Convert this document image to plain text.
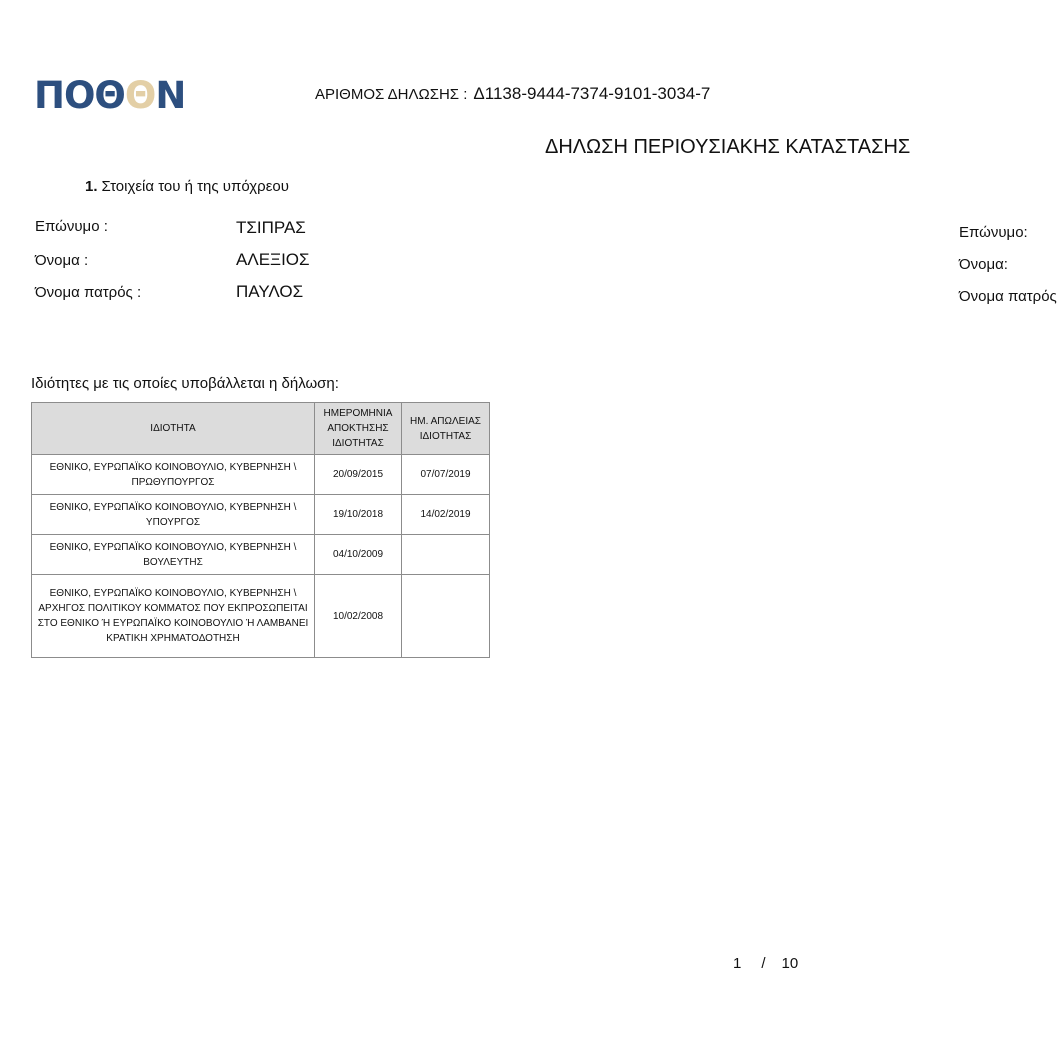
ΠΟΘΘΝ	ΑΡΙΘΜΟΣ ΔΗΛΩΣΗΣ : Δ1138-9444-7374-9101-3034-7
ΔΗΛΩΣΗ ΠΕΡΙΟΥΣΙΑΚΗΣ ΚΑΤΑΣΤΑΣΗΣ
1. Στοιχεία του ή της υπόχρεου
Επώνυμο :	ΤΣΙΠΡΑΣ
Όνομα :	ΑΛΕΞΙΟΣ
Όνομα πατρός :	ΠΑΥΛΟΣ
Επώνυμο:
Όνομα:
Όνομα πατρός
Ιδιότητες με τις οποίες υποβάλλεται η δήλωση:
ΙΔΙΟΤΗΤΑ	ΗΜΕΡΟΜΗΝΙΑ ΑΠΟΚΤΗΣΗΣ ΙΔΙΟΤΗΤΑΣ	ΗΜ. ΑΠΩΛΕΙΑΣ ΙΔΙΟΤΗΤΑΣ
ΕΘΝΙΚΟ, ΕΥΡΩΠΑΪΚΟ ΚΟΙΝΟΒΟΥΛΙΟ, ΚΥΒΕΡΝΗΣΗ \ ΠΡΩΘΥΠΟΥΡΓΟΣ	20/09/2015	07/07/2019
ΕΘΝΙΚΟ, ΕΥΡΩΠΑΪΚΟ ΚΟΙΝΟΒΟΥΛΙΟ, ΚΥΒΕΡΝΗΣΗ \ ΥΠΟΥΡΓΟΣ	19/10/2018	14/02/2019
ΕΘΝΙΚΟ, ΕΥΡΩΠΑΪΚΟ ΚΟΙΝΟΒΟΥΛΙΟ, ΚΥΒΕΡΝΗΣΗ \ ΒΟΥΛΕΥΤΗΣ	04/10/2009	
ΕΘΝΙΚΟ, ΕΥΡΩΠΑΪΚΟ ΚΟΙΝΟΒΟΥΛΙΟ, ΚΥΒΕΡΝΗΣΗ \ ΑΡΧΗΓΟΣ ΠΟΛΙΤΙΚΟΥ ΚΟΜΜΑΤΟΣ ΠΟΥ ΕΚΠΡΟΣΩΠΕΙΤΑΙ ΣΤΟ ΕΘΝΙΚΟ Ή ΕΥΡΩΠΑΪΚΟ ΚΟΙΝΟΒΟΥΛΙΟ Ή ΛΑΜΒΑΝΕΙ ΚΡΑΤΙΚΗ ΧΡΗΜΑΤΟΔΟΤΗΣΗ	10/02/2008	
1 / 10
